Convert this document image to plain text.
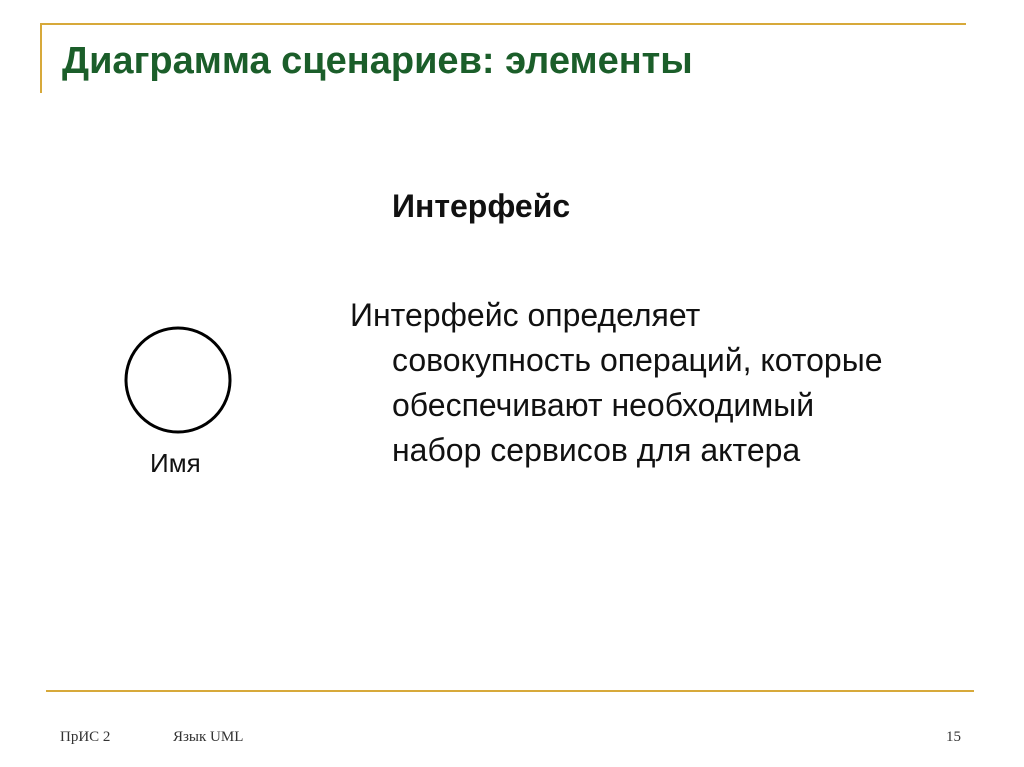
Диаграмма сценариев: элементы
Интерфейс

Интерфейс определяет
совокупность операций, которые
обеспечивают необходимый
набор сервисов для актера

Имя

ПрИС 2	Язык UML	15
